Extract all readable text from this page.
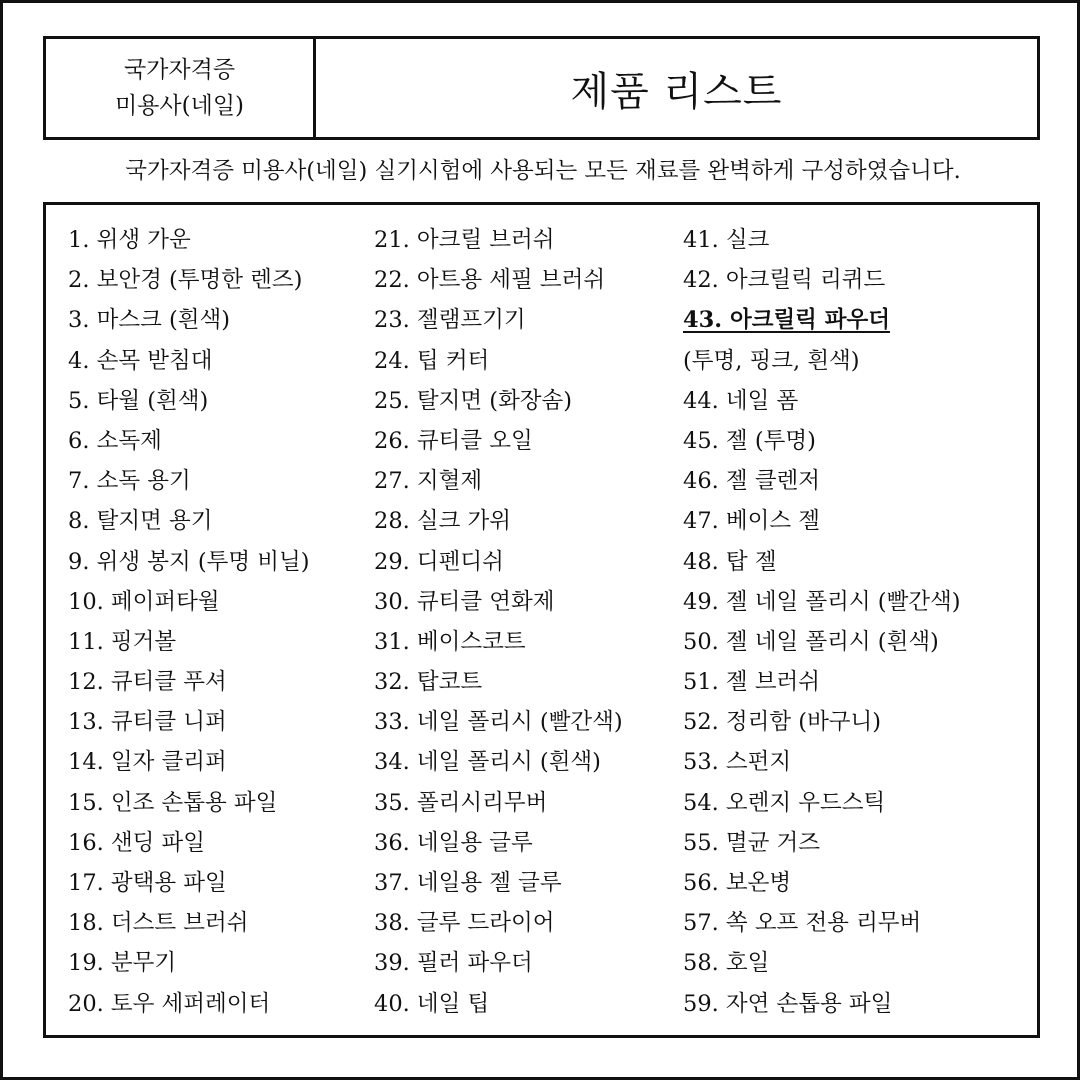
국가자격증
미용사(네일)	제품 리스트
국가자격증 미용사(네일) 실기시험에 사용되는 모든 재료를 완벽하게 구성하였습니다.
1. 위생 가운
2. 보안경 (투명한 렌즈)
3. 마스크 (흰색)
4. 손목 받침대
5. 타월 (흰색)
6. 소독제
7. 소독 용기
8. 탈지면 용기
9. 위생 봉지 (투명 비닐)
10. 페이퍼타월
11. 핑거볼
12. 큐티클 푸셔
13. 큐티클 니퍼
14. 일자 클리퍼
15. 인조 손톱용 파일
16. 샌딩 파일
17. 광택용 파일
18. 더스트 브러쉬
19. 분무기
20. 토우 세퍼레이터
21. 아크릴 브러쉬
22. 아트용 세필 브러쉬
23. 젤램프기기
24. 팁 커터
25. 탈지면 (화장솜)
26. 큐티클 오일
27. 지혈제
28. 실크 가위
29. 디펜디쉬
30. 큐티클 연화제
31. 베이스코트
32. 탑코트
33. 네일 폴리시 (빨간색)
34. 네일 폴리시 (흰색)
35. 폴리시리무버
36. 네일용 글루
37. 네일용 젤 글루
38. 글루 드라이어
39. 필러 파우더
40. 네일 팁
41. 실크
42. 아크릴릭 리퀴드
43. 아크릴릭 파우더
(투명, 핑크, 흰색)
44. 네일 폼
45. 젤 (투명)
46. 젤 클렌저
47. 베이스 젤
48. 탑 젤
49. 젤 네일 폴리시 (빨간색)
50. 젤 네일 폴리시 (흰색)
51. 젤 브러쉬
52. 정리함 (바구니)
53. 스펀지
54. 오렌지 우드스틱
55. 멸균 거즈
56. 보온병
57. 쏙 오프 전용 리무버
58. 호일
59. 자연 손톱용 파일
